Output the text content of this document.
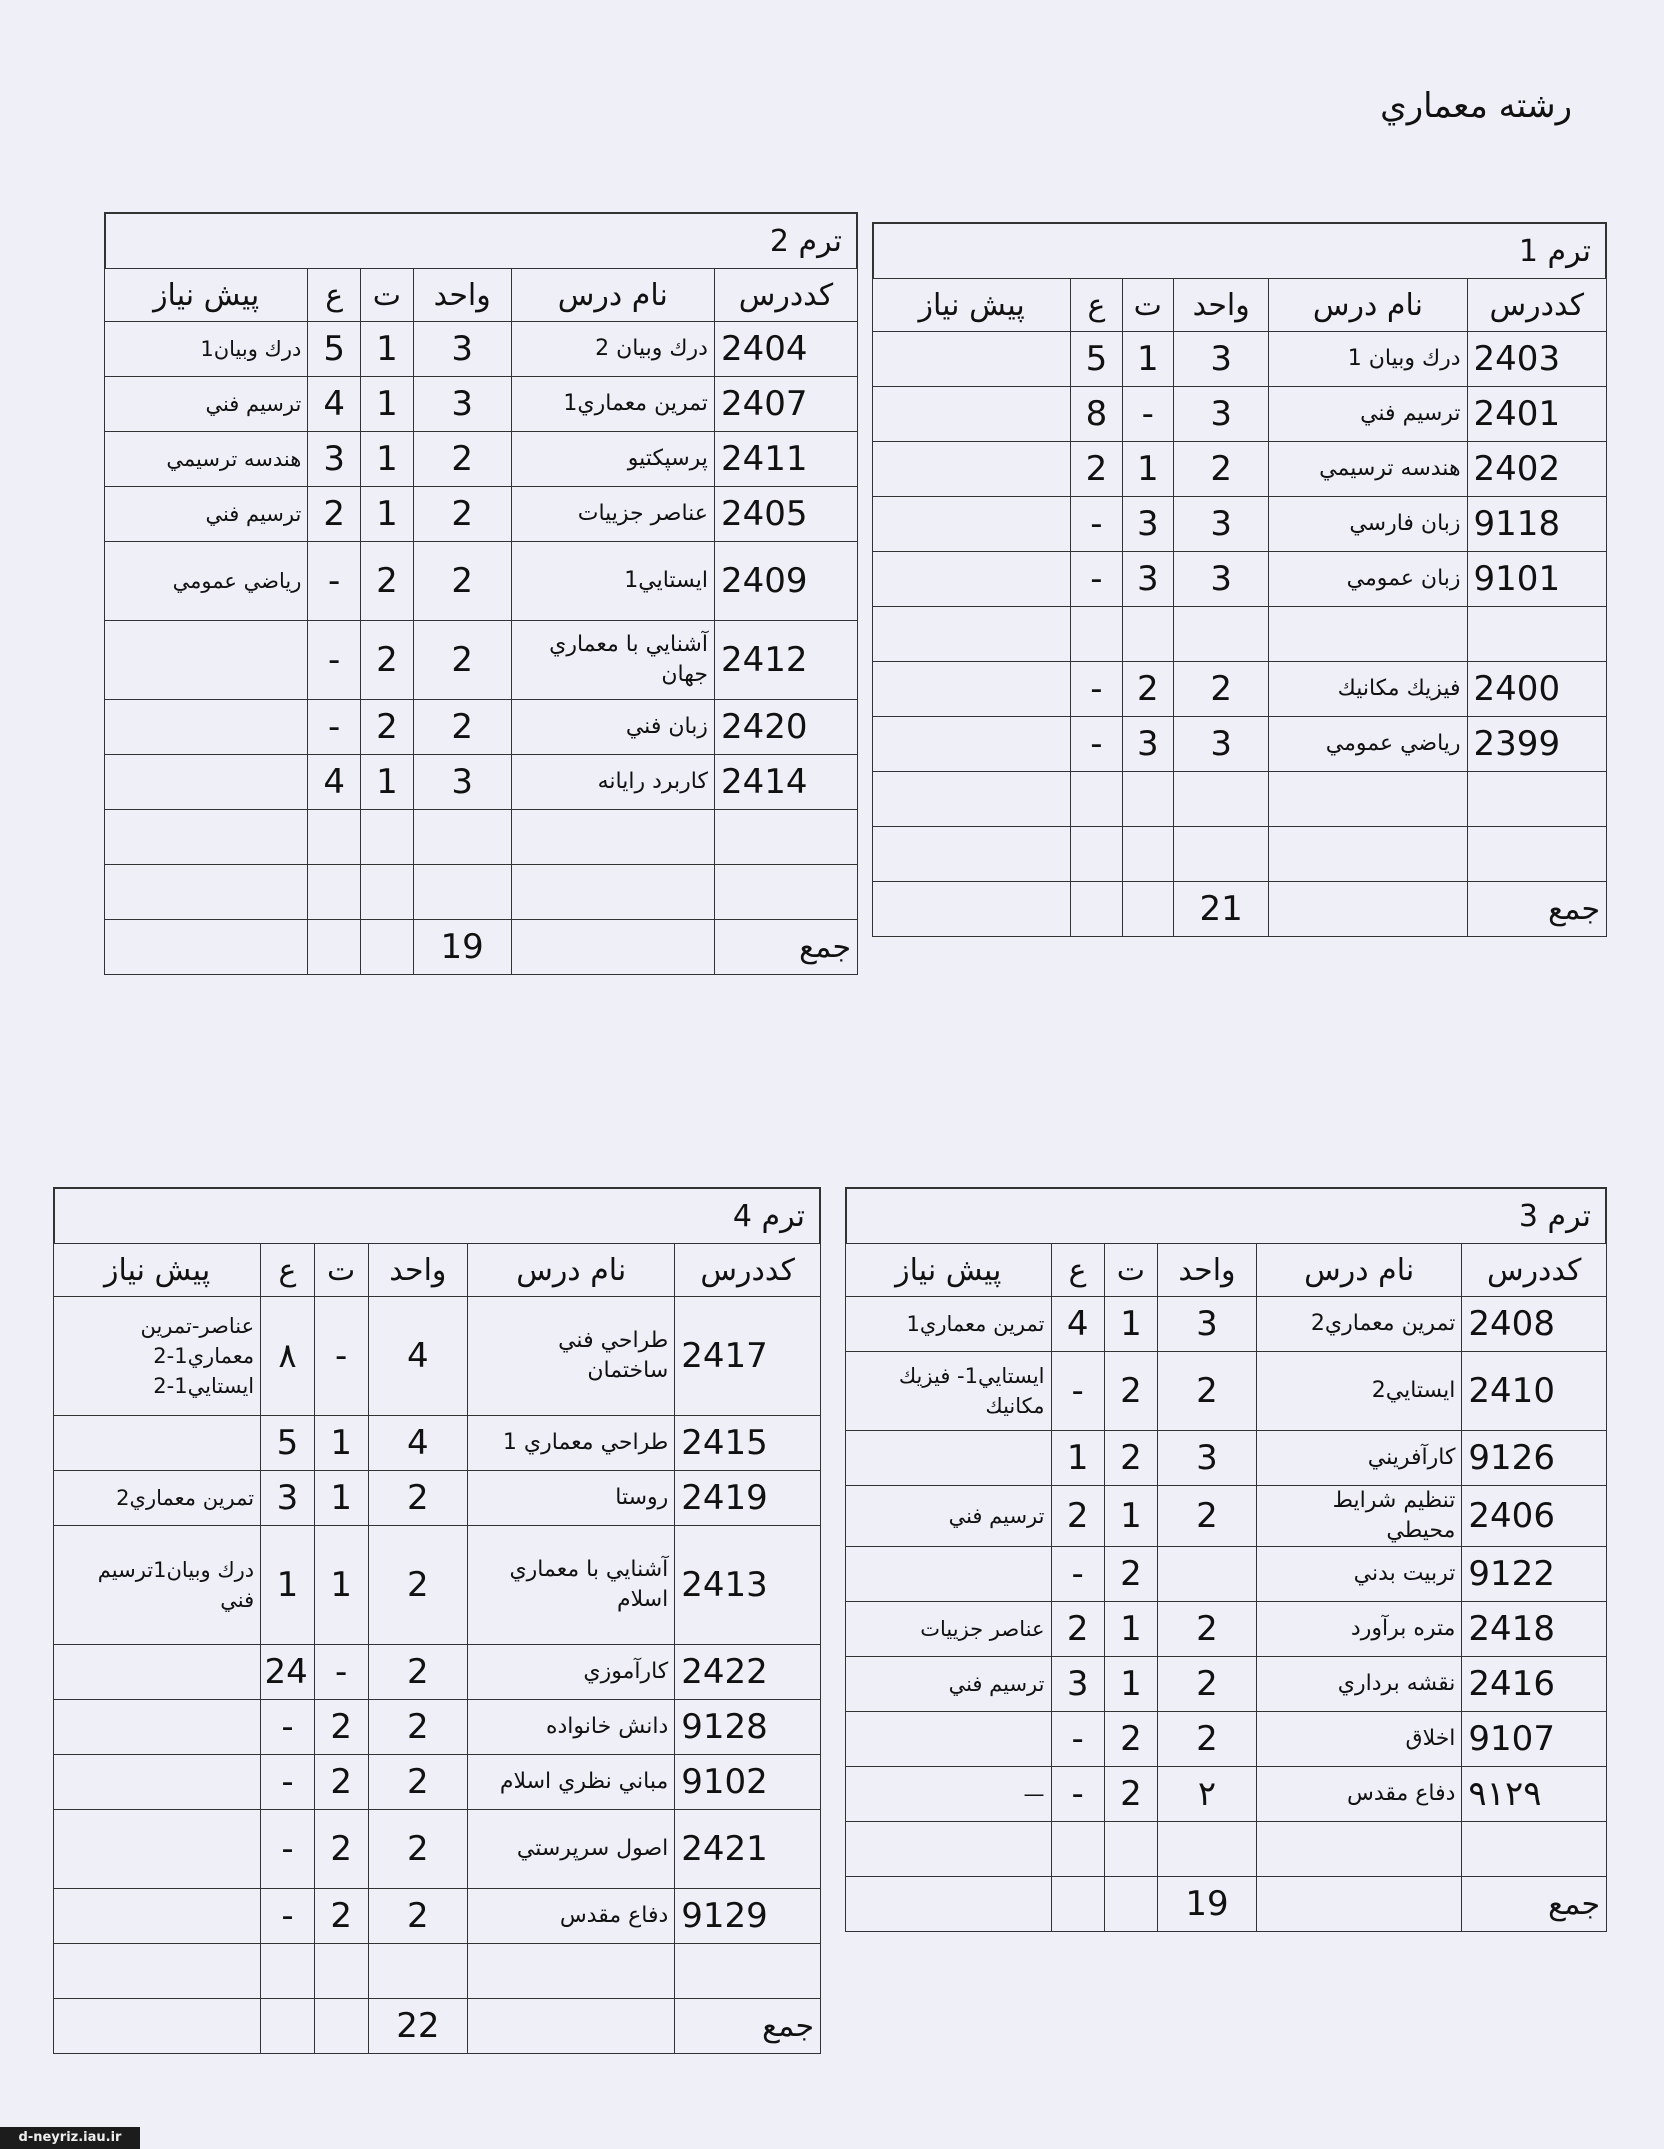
رشته معماري
ترم 1
كددرس	نام درس	واحد	ت	ع	پيش نياز
2403	درك وبيان 1	3	1	5	
2401	ترسيم فني	3	-	8	
2402	هندسه ترسيمي	2	1	2	
9118	زبان فارسي	3	3	-	
9101	زبان عمومي	3	3	-	

2400	فيزيك مكانيك	2	2	-	
2399	رياضي عمومي	3	3	-	

جمع		21			
ترم 2
كددرس	نام درس	واحد	ت	ع	پيش نياز
2404	درك وبيان 2	3	1	5	درك وبيان1
2407	تمرين معماري1	3	1	4	ترسيم فني
2411	پرسپكتيو	2	1	3	هندسه ترسيمي
2405	عناصر جزييات	2	1	2	ترسيم فني
2409	ايستايي1	2	2	-	رياضي عمومي
2412	آشنايي با معماري جهان	2	2	-	
2420	زبان فني	2	2	-	
2414	كاربرد رايانه	3	1	4	

جمع		19			
ترم 3
كددرس	نام درس	واحد	ت	ع	پيش نياز
2408	تمرين معماري2	3	1	4	تمرين معماري1
2410	ايستايي2	2	2	-	ايستايي1- فيزيك مكانيك
9126	كارآفريني	3	2	1	
2406	تنظيم شرايط محيطي	2	1	2	ترسيم فني
9122	تربيت بدني		2	-	
2418	متره برآورد	2	1	2	عناصر جزييات
2416	نقشه برداري	2	1	3	ترسيم فني
9107	اخلاق	2	2	-	
۹۱۲۹	دفاع مقدس	۲	2	-	—

جمع		19			
ترم 4
كددرس	نام درس	واحد	ت	ع	پيش نياز
2417	طراحي فني ساختمان	4	-	۸	عناصر-تمرين معماري1-2 ايستايي1-2
2415	طراحي معماري 1	4	1	5	
2419	روستا	2	1	3	تمرين معماري2
2413	آشنايي با معماري اسلام	2	1	1	درك وبيان1ترسيم فني
2422	كارآموزي	2	-	24	
9128	دانش خانواده	2	2	-	
9102	مباني نظري اسلام	2	2	-	
2421	اصول سرپرستي	2	2	-	
9129	دفاع مقدس	2	2	-	

جمع		22			
d-neyriz.iau.ir
